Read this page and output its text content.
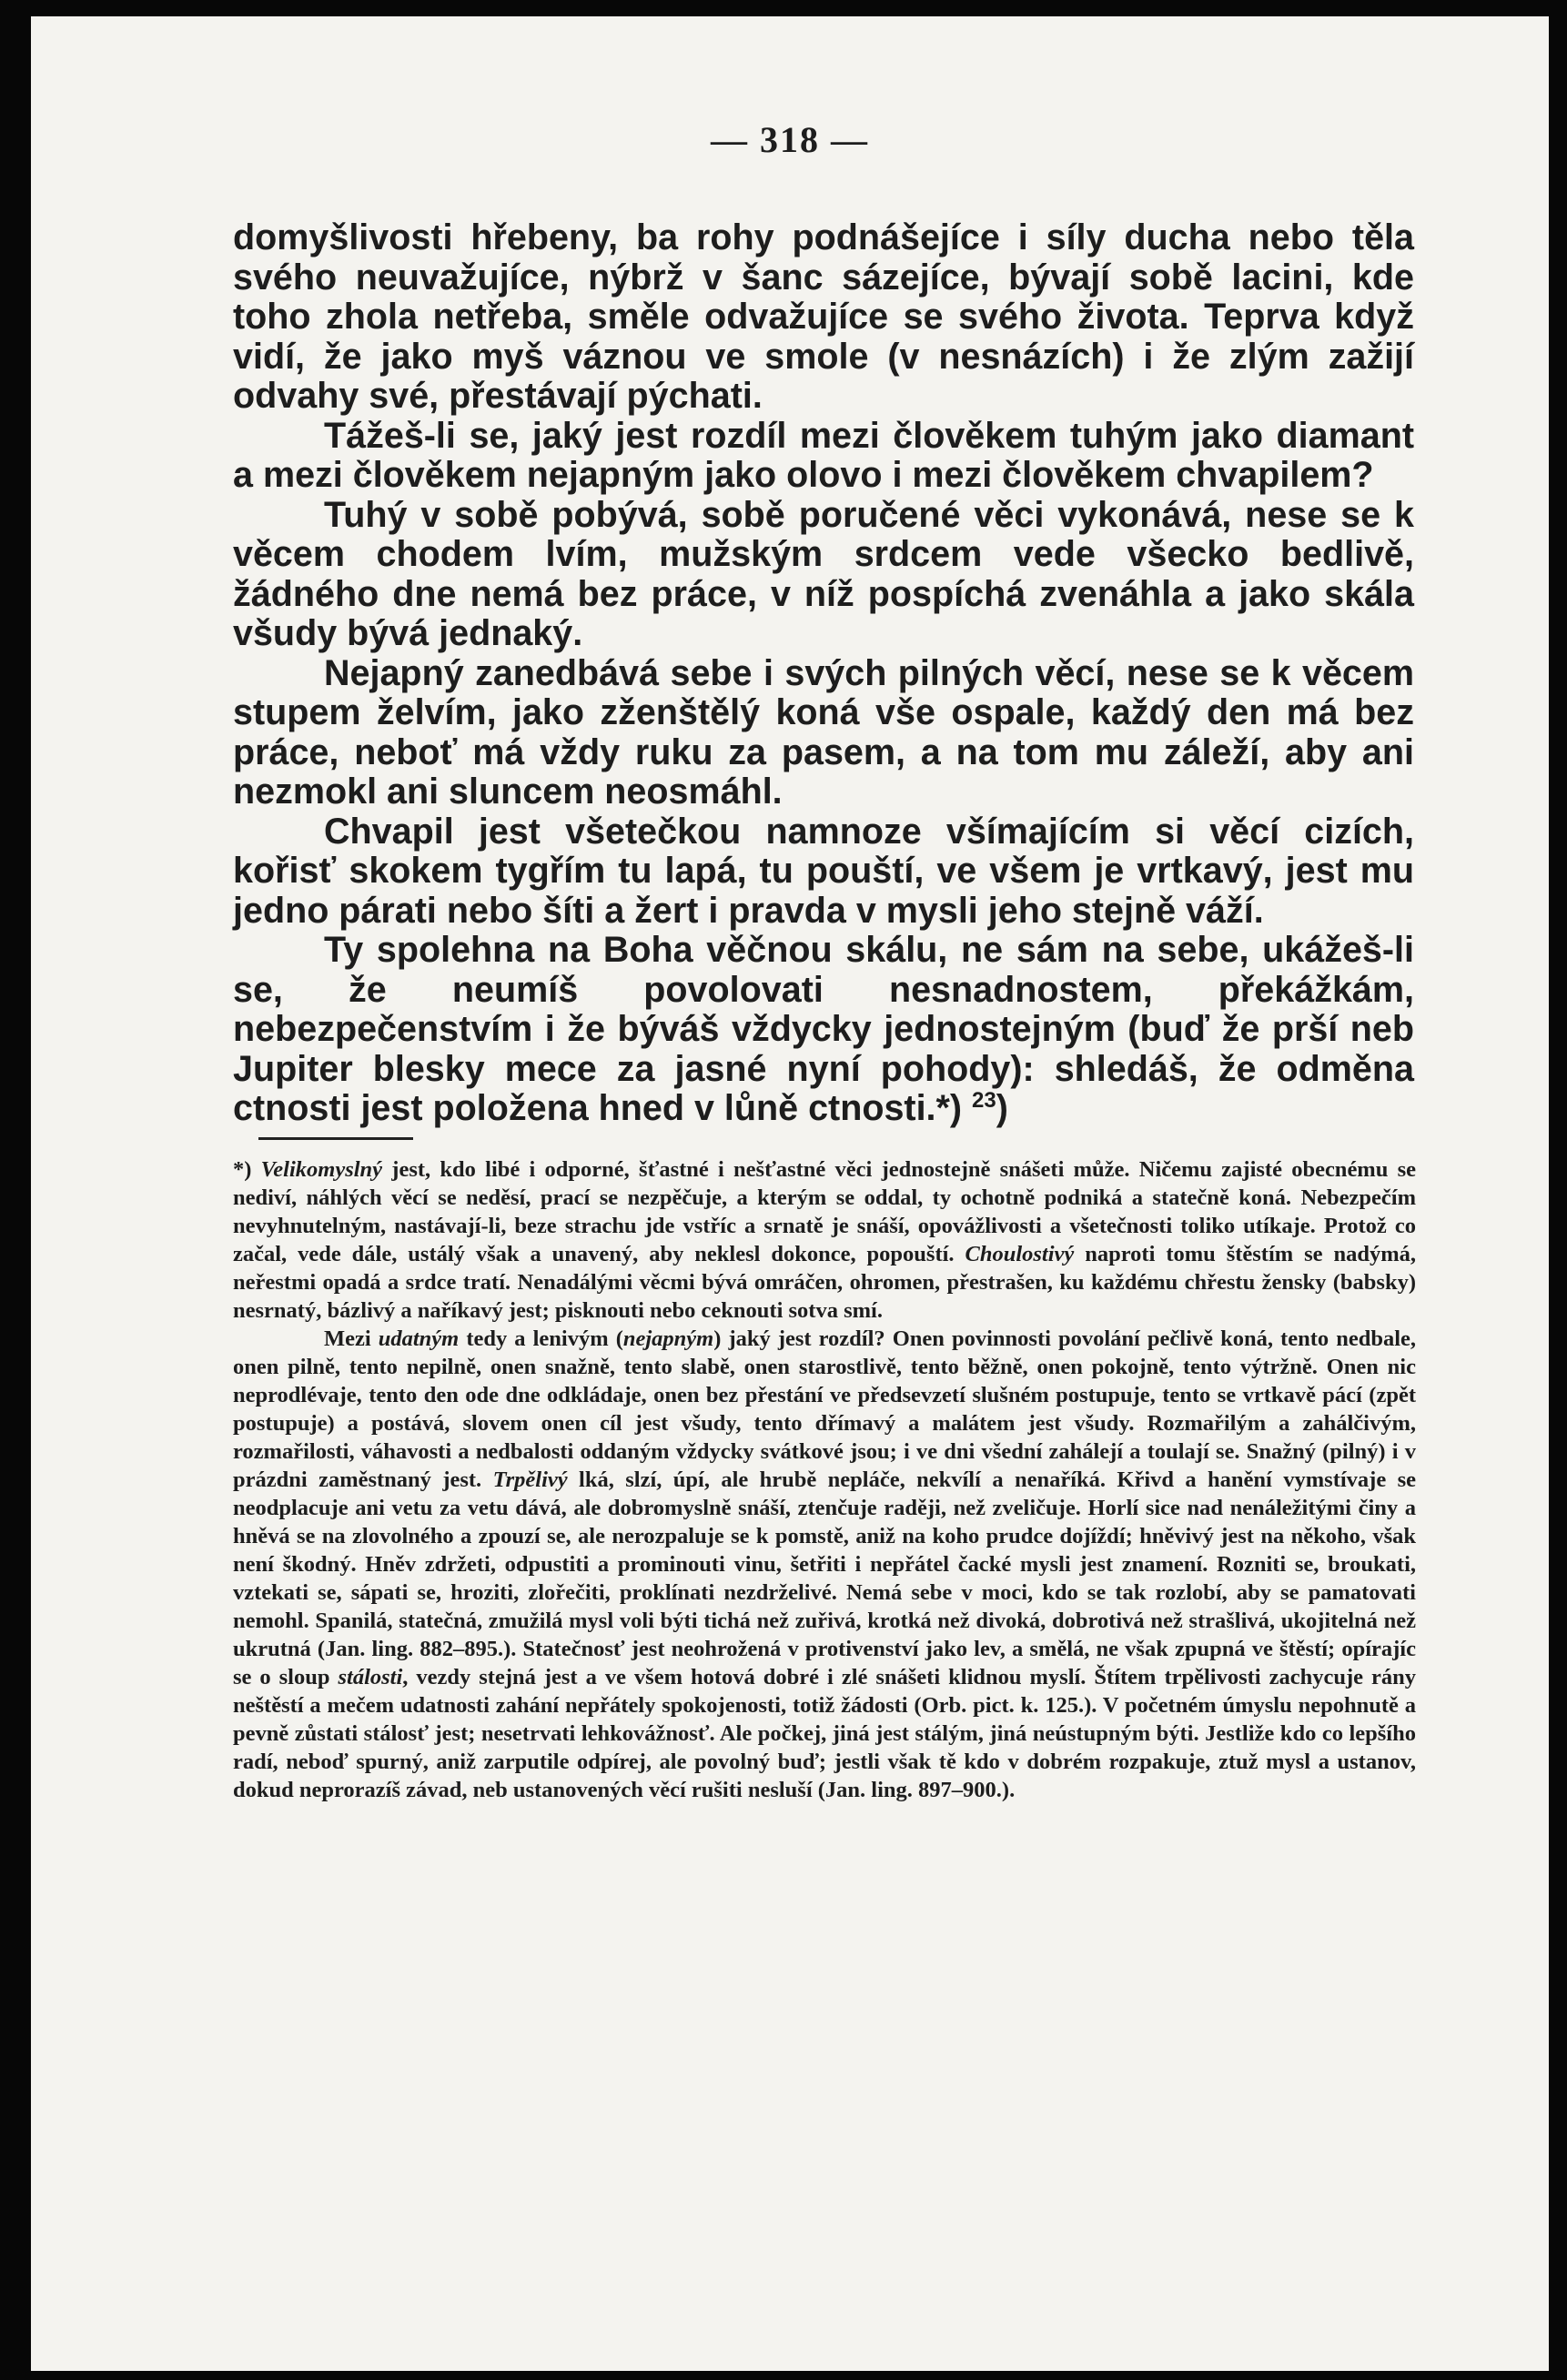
— 318 —

domyšlivosti hřebeny, ba rohy podnášejíce i síly ducha nebo těla svého neuvažujíce, nýbrž v šanc sázejíce, bývají sobě lacini, kde toho zhola netřeba, směle odvažujíce se svého života. Teprva když vidí, že jako myš váznou ve smole (v nesnázích) i že zlým zažijí odvahy své, přestávají pýchati.

Tážeš-li se, jaký jest rozdíl mezi člověkem tuhým jako diamant a mezi člověkem nejapným jako olovo i mezi člověkem chvapilem?

Tuhý v sobě pobývá, sobě poručené věci vykonává, nese se k věcem chodem lvím, mužským srdcem vede všecko bedlivě, žádného dne nemá bez práce, v níž pospíchá zvenáhla a jako skála všudy bývá jednaký.

Nejapný zanedbává sebe i svých pilných věcí, nese se k věcem stupem želvím, jako zženštělý koná vše ospale, každý den má bez práce, neboť má vždy ruku za pasem, a na tom mu záleží, aby ani nezmokl ani sluncem neosmáhl.

Chvapil jest všetečkou namnoze všímajícím si věcí cizích, kořisť skokem tygřím tu lapá, tu pouští, ve všem je vrtkavý, jest mu jedno párati nebo šíti a žert i pravda v mysli jeho stejně váží.

Ty spolehna na Boha věčnou skálu, ne sám na sebe, ukážeš-li se, že neumíš povolovati nesnadnostem, překážkám, nebezpečenstvím i že býváš vždycky jednostejným (buď že prší neb Jupiter blesky mece za jasné nyní pohody): shledáš, že odměna ctnosti jest položena hned v lůně ctnosti.*) $^{23}$)

*) Velikomyslný jest, kdo libé i odporné, šťastné i nešťastné věci jednostejně snášeti může. Ničemu zajisté obecnému se nediví, náhlých věcí se neděsí, prací se nezpěčuje, a kterým se oddal, ty ochotně podniká a statečně koná. Nebezpečím nevyhnutelným, nastávají-li, beze strachu jde vstříc a srnatě je snáší, opovážlivosti a všetečnosti toliko utíkaje. Protož co začal, vede dále, ustálý však a unavený, aby neklesl dokonce, popouští. Choulostivý naproti tomu štěstím se nadýmá, neřestmi opadá a srdce tratí. Nenadálými věcmi bývá omráčen, ohromen, přestrašen, ku každému chřestu žensky (babsky) nesrnatý, bázlivý a naříkavý jest; pisknouti nebo ceknouti sotva smí.

Mezi udatným tedy a lenivým (nejapným) jaký jest rozdíl? Onen povinnosti povolání pečlivě koná, tento nedbale, onen pilně, tento nepilně, onen snažně, tento slabě, onen starostlivě, tento běžně, onen pokojně, tento výtržně. Onen nic neprodlévaje, tento den ode dne odkládaje, onen bez přestání ve předsevzetí slušném postupuje, tento se vrtkavě pácí (zpět postupuje) a postává, slovem onen cíl jest všudy, tento dřímavý a malátem jest všudy. Rozmařilým a zahálčivým, rozmařilosti, váhavosti a nedbalosti oddaným vždycky svátkové jsou; i ve dni všední zahálejí a toulají se. Snažný (pilný) i v prázdni zaměstnaný jest. Trpělivý lká, slzí, úpí, ale hrubě nepláče, nekvílí a nenaříká. Křivd a hanění vymstívaje se neodplacuje ani vetu za vetu dává, ale dobromyslně snáší, ztenčuje raději, než zveličuje. Horlí sice nad nenáležitými činy a hněvá se na zlovolného a zpouzí se, ale nerozpaluje se k pomstě, aniž na koho prudce dojíždí; hněvivý jest na někoho, však není škodný. Hněv zdržeti, odpustiti a prominouti vinu, šetřiti i nepřátel čacké mysli jest znamení. Rozniti se, broukati, vztekati se, sápati se, hroziti, zlořečiti, proklínati nezdrželivé. Nemá sebe v moci, kdo se tak rozlobí, aby se pamatovati nemohl. Spanilá, statečná, zmužilá mysl voli býti tichá než zuřivá, krotká než divoká, dobrotivá než strašlivá, ukojitelná než ukrutná (Jan. ling. 882–895.). Statečnosť jest neohrožená v protivenství jako lev, a smělá, ne však zpupná ve štěstí; opírajíc se o sloup stálosti, vezdy stejná jest a ve všem hotová dobré i zlé snášeti klidnou myslí. Štítem trpělivosti zachycuje rány neštěstí a mečem udatnosti zahání nepřátely spokojenosti, totiž žádosti (Orb. pict. k. 125.). V početném úmyslu nepohnutě a pevně zůstati stálosť jest; nesetrvati lehkovážnosť. Ale počkej, jiná jest stálým, jiná neústupným býti. Jestliže kdo co lepšího radí, neboď spurný, aniž zarputile odpírej, ale povolný buď; jestli však tě kdo v dobrém rozpakuje, ztuž mysl a ustanov, dokud neprorazíš závad, neb ustanovených věcí rušiti nesluší (Jan. ling. 897–900.).
